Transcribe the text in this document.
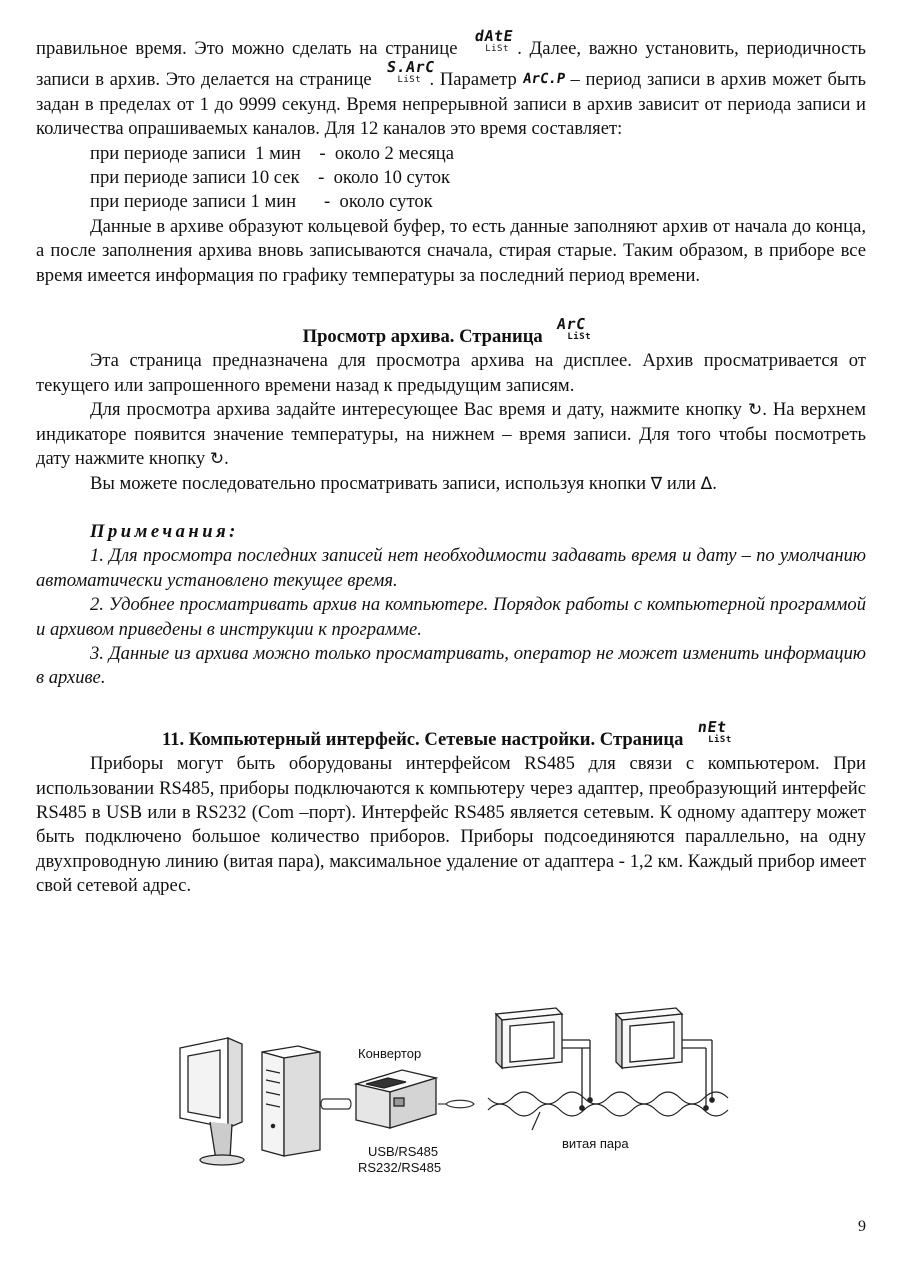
правильное время. Это можно сделать на странице
dAtE
LiSt . Далее, важно установить, периодичность записи в архив. Это делается на странице
S.ArC
LiSt . Параметр ArC.P – период записи в архив может быть задан в пределах от 1 до 9999 секунд. Время непрерывной записи в архив зависит от периода записи и количества опрашиваемых каналов. Для 12 каналов это время составляет:

при периоде записи  1 мин    -  около 2 месяца
при периоде записи 10 сек    -  около 10 суток
при периоде записи 1 мин      -  около суток

Данные в архиве образуют кольцевой буфер, то есть данные заполняют архив от начала до конца, а после заполнения архива вновь записываются сначала, стирая старые. Таким образом, в приборе все время имеется информация по графику температуры за последний период времени.

Просмотр архива. Страница
ArC
LiSt

Эта страница предназначена для просмотра архива на дисплее. Архив просматривается от текущего или запрошенного времени назад к предыдущим записям.

Для просмотра архива задайте интересующее Вас время и дату, нажмите кнопку ↻. На верхнем индикаторе появится значение температуры, на нижнем – время записи. Для того чтобы посмотреть дату нажмите кнопку ↻.

Вы можете последовательно просматривать записи, используя кнопки ∇ или Δ.

Примечания:

1. Для просмотра последних записей нет необходимости задавать время и дату – по умолчанию автоматически установлено текущее время.

2. Удобнее просматривать архив на компьютере. Порядок работы с компьютерной программой и архивом приведены в инструкции к программе.

3. Данные из архива можно только просматривать, оператор не может изменить информацию в архиве.

11. Компьютерный интерфейс. Сетевые настройки. Страница
nEt
LiSt

Приборы могут быть оборудованы интерфейсом RS485 для связи с компьютером. При использовании RS485, приборы подключаются к компьютеру через адаптер, преобразующий интерфейс RS485 в USB или в RS232 (Com –порт). Интерфейс RS485 является сетевым. К одному адаптеру может быть подключено большое количество приборов. Приборы подсоединяются параллельно, на одну двухпроводную линию (витая пара), максимальное удаление от адаптера - 1,2 км. Каждый прибор имеет свой сетевой адрес.

Конвертор
USB/RS485
RS232/RS485
витая пара
9
